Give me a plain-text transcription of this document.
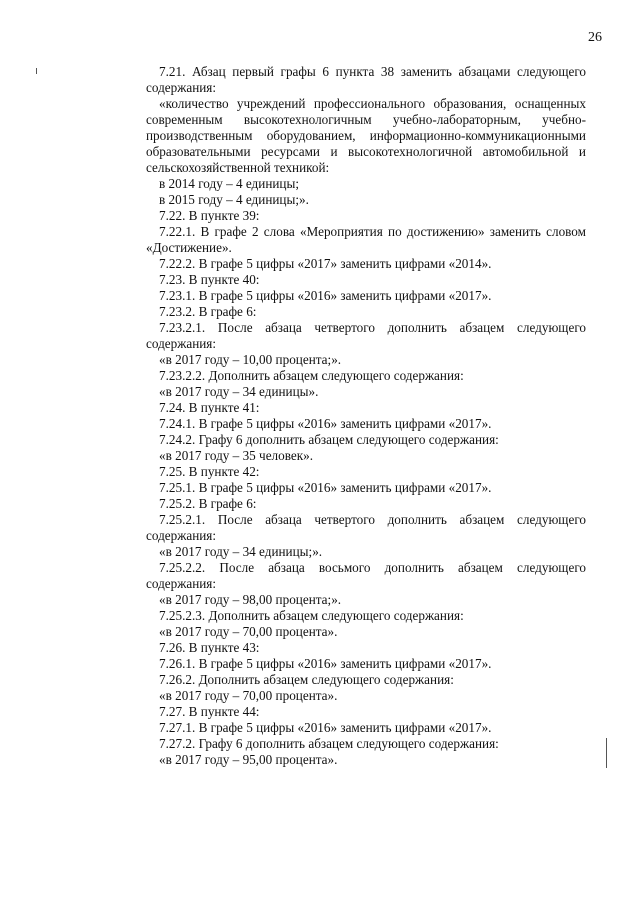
26

7.21. Абзац первый графы 6 пункта 38 заменить абзацами следующего содержания:

«количество учреждений профессионального образования, оснащенных современным высокотехнологичным учебно-лабораторным, учебно-производственным оборудованием, информационно-коммуникационными образовательными ресурсами и высокотехнологичной автомобильной и сельскохозяйственной техникой:

в 2014 году – 4 единицы;

в 2015 году – 4 единицы;».

7.22. В пункте 39:

7.22.1. В графе 2 слова «Мероприятия по достижению» заменить словом «Достижение».

7.22.2. В графе 5 цифры «2017» заменить цифрами «2014».

7.23. В пункте 40:

7.23.1. В графе 5 цифры «2016» заменить цифрами «2017».

7.23.2. В графе 6:

7.23.2.1. После абзаца четвертого дополнить абзацем следующего содержания:

«в 2017 году – 10,00 процента;».

7.23.2.2. Дополнить абзацем следующего содержания:

«в 2017 году – 34 единицы».

7.24. В пункте 41:

7.24.1. В графе 5 цифры «2016» заменить цифрами «2017».

7.24.2. Графу 6 дополнить абзацем следующего содержания:

«в 2017 году – 35 человек».

7.25. В пункте 42:

7.25.1. В графе 5 цифры «2016» заменить цифрами «2017».

7.25.2. В графе 6:

7.25.2.1. После абзаца четвертого дополнить абзацем следующего содержания:

«в 2017 году – 34 единицы;».

7.25.2.2. После абзаца восьмого дополнить абзацем следующего содержания:

«в 2017 году – 98,00 процента;».

7.25.2.3. Дополнить абзацем следующего содержания:

«в 2017 году – 70,00 процента».

7.26. В пункте 43:

7.26.1. В графе 5 цифры «2016» заменить цифрами «2017».

7.26.2. Дополнить абзацем следующего содержания:

«в 2017 году – 70,00 процента».

7.27. В пункте 44:

7.27.1. В графе 5 цифры «2016» заменить цифрами «2017».

7.27.2. Графу 6 дополнить абзацем следующего содержания:

«в 2017 году – 95,00 процента».
